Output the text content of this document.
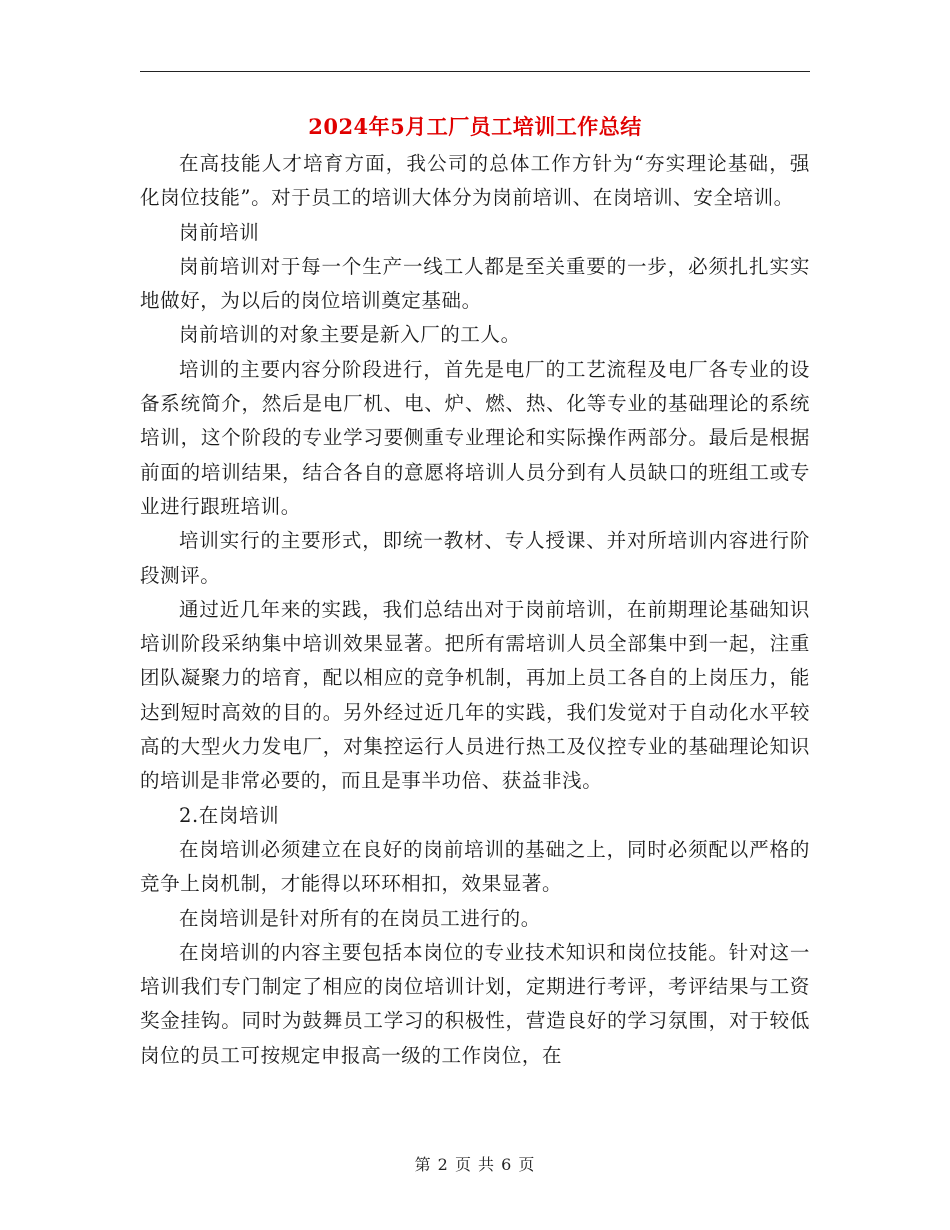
2024年5月工厂员工培训工作总结

在高技能人才培育方面，我公司的总体工作方针为“夯实理论基础，强化岗位技能”。对于员工的培训大体分为岗前培训、在岗培训、安全培训。

岗前培训

岗前培训对于每一个生产一线工人都是至关重要的一步，必须扎扎实实地做好，为以后的岗位培训奠定基础。

岗前培训的对象主要是新入厂的工人。

培训的主要内容分阶段进行，首先是电厂的工艺流程及电厂各专业的设备系统简介，然后是电厂机、电、炉、燃、热、化等专业的基础理论的系统培训，这个阶段的专业学习要侧重专业理论和实际操作两部分。最后是根据前面的培训结果，结合各自的意愿将培训人员分到有人员缺口的班组工或专业进行跟班培训。

培训实行的主要形式，即统一教材、专人授课、并对所培训内容进行阶段测评。

通过近几年来的实践，我们总结出对于岗前培训，在前期理论基础知识培训阶段采纳集中培训效果显著。把所有需培训人员全部集中到一起，注重团队凝聚力的培育，配以相应的竞争机制，再加上员工各自的上岗压力，能达到短时高效的目的。另外经过近几年的实践，我们发觉对于自动化水平较高的大型火力发电厂，对集控运行人员进行热工及仪控专业的基础理论知识的培训是非常必要的，而且是事半功倍、获益非浅。

2.在岗培训

在岗培训必须建立在良好的岗前培训的基础之上，同时必须配以严格的竞争上岗机制，才能得以环环相扣，效果显著。

在岗培训是针对所有的在岗员工进行的。

在岗培训的内容主要包括本岗位的专业技术知识和岗位技能。针对这一培训我们专门制定了相应的岗位培训计划，定期进行考评，考评结果与工资奖金挂钩。同时为鼓舞员工学习的积极性，营造良好的学习氛围，对于较低岗位的员工可按规定申报高一级的工作岗位，在

第 2 页 共 6 页
